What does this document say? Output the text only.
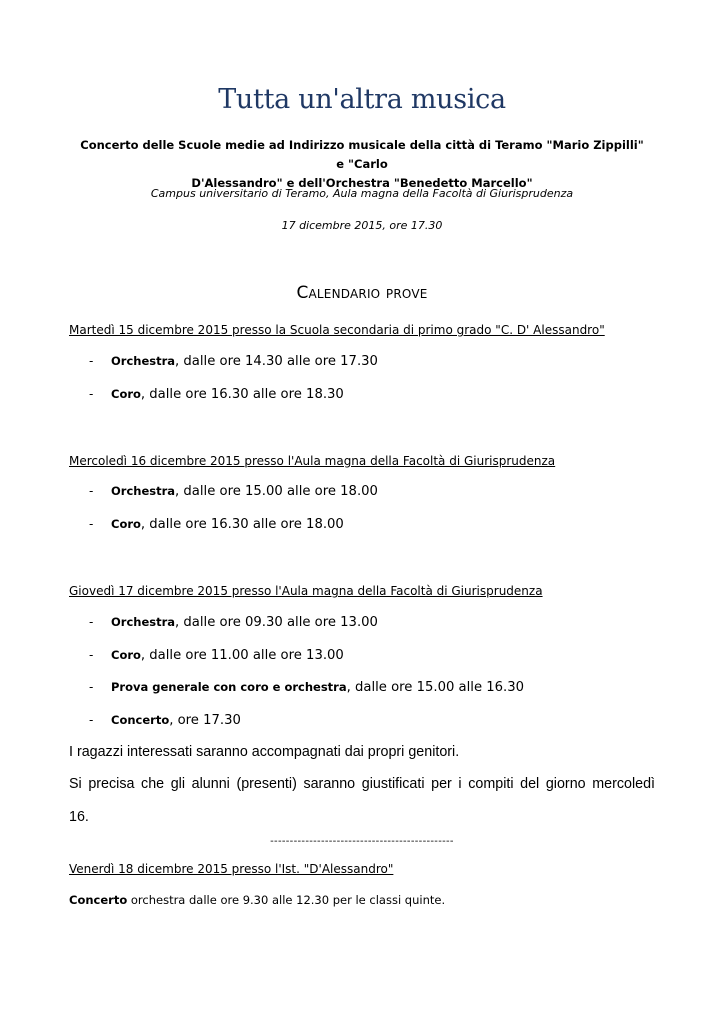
Tutta un'altra musica
Concerto delle Scuole medie ad Indirizzo musicale della città di Teramo "Mario Zippilli" e "Carlo
D'Alessandro" e dell'Orchestra "Benedetto Marcello"
Campus universitario di Teramo, Aula magna della Facoltà di Giurisprudenza
17 dicembre 2015, ore 17.30
Calendario prove
Martedì 15 dicembre 2015 presso la Scuola secondaria di primo grado "C. D' Alessandro"
- Orchestra, dalle ore 14.30 alle ore 17.30
- Coro, dalle ore 16.30 alle ore 18.30
Mercoledì 16 dicembre 2015 presso l'Aula magna della Facoltà di Giurisprudenza
- Orchestra, dalle ore 15.00 alle ore 18.00
- Coro, dalle ore 16.30 alle ore 18.00
Giovedì 17 dicembre 2015 presso l'Aula magna della Facoltà di Giurisprudenza
- Orchestra, dalle ore 09.30 alle ore 13.00
- Coro, dalle ore 11.00 alle ore 13.00
- Prova generale con coro e orchestra, dalle ore 15.00 alle 16.30
- Concerto, ore 17.30
I ragazzi interessati saranno accompagnati dai propri genitori.
Si precisa che gli alunni (presenti) saranno giustificati per i compiti del giorno mercoledì
16.
-----------------------------------------------
Venerdì 18 dicembre 2015 presso l'Ist. "D'Alessandro"
Concerto orchestra dalle ore 9.30 alle 12.30 per le classi quinte.
